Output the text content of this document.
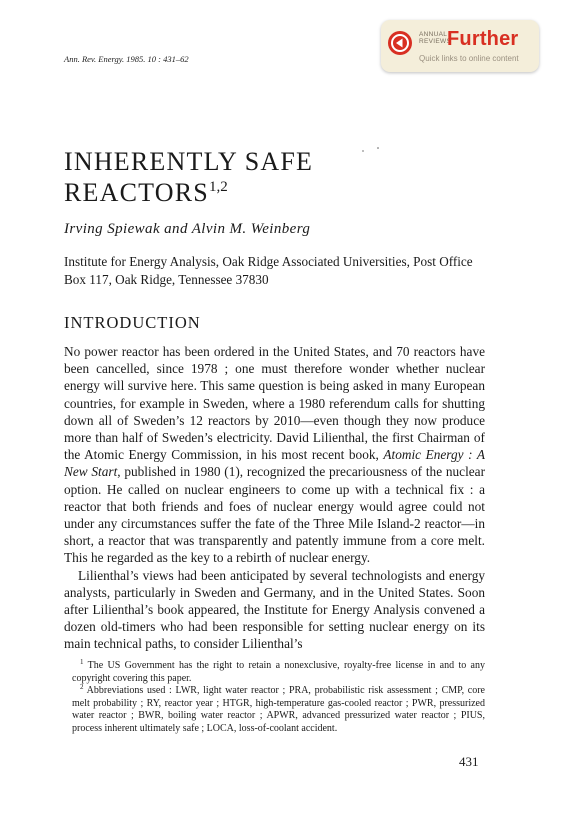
Ann. Rev. Energy. 1985. 10 : 431–62
ANNUAL
REVIEWS
Further
Quick links to online content
INHERENTLY SAFE
REACTORS$^{1,2}$
Irving Spiewak and Alvin M. Weinberg
Institute for Energy Analysis, Oak Ridge Associated Universities, Post Office Box 117, Oak Ridge, Tennessee 37830
INTRODUCTION

No power reactor has been ordered in the United States, and 70 reactors have been cancelled, since 1978 ; one must therefore wonder whether nuclear energy will survive here. This same question is being asked in many European countries, for example in Sweden, where a 1980 referendum calls for shutting down all of Sweden’s 12 reactors by 2010—even though they now produce more than half of Sweden’s electricity. David Lilienthal, the first Chairman of the Atomic Energy Commission, in his most recent book, Atomic Energy : A New Start, published in 1980 (1), recognized the precariousness of the nuclear option. He called on nuclear engineers to come up with a technical fix : a reactor that both friends and foes of nuclear energy would agree could not under any circumstances suffer the fate of the Three Mile Island-2 reactor—in short, a reactor that was transparently and patently immune from a core melt. This he regarded as the key to a rebirth of nuclear energy.

Lilienthal’s views had been anticipated by several technologists and energy analysts, particularly in Sweden and Germany, and in the United States. Soon after Lilienthal’s book appeared, the Institute for Energy Analysis convened a dozen old-timers who had been responsible for setting nuclear energy on its main technical paths, to consider Lilienthal’s

$^1$ The US Government has the right to retain a nonexclusive, royalty-free license in and to any copyright covering this paper.

$^2$ Abbreviations used : LWR, light water reactor ; PRA, probabilistic risk assessment ; CMP, core melt probability ; RY, reactor year ; HTGR, high-temperature gas-cooled reactor ; PWR, pressurized water reactor ; BWR, boiling water reactor ; APWR, advanced pressurized water reactor ; PIUS, process inherent ultimately safe ; LOCA, loss-of-coolant accident.

431
